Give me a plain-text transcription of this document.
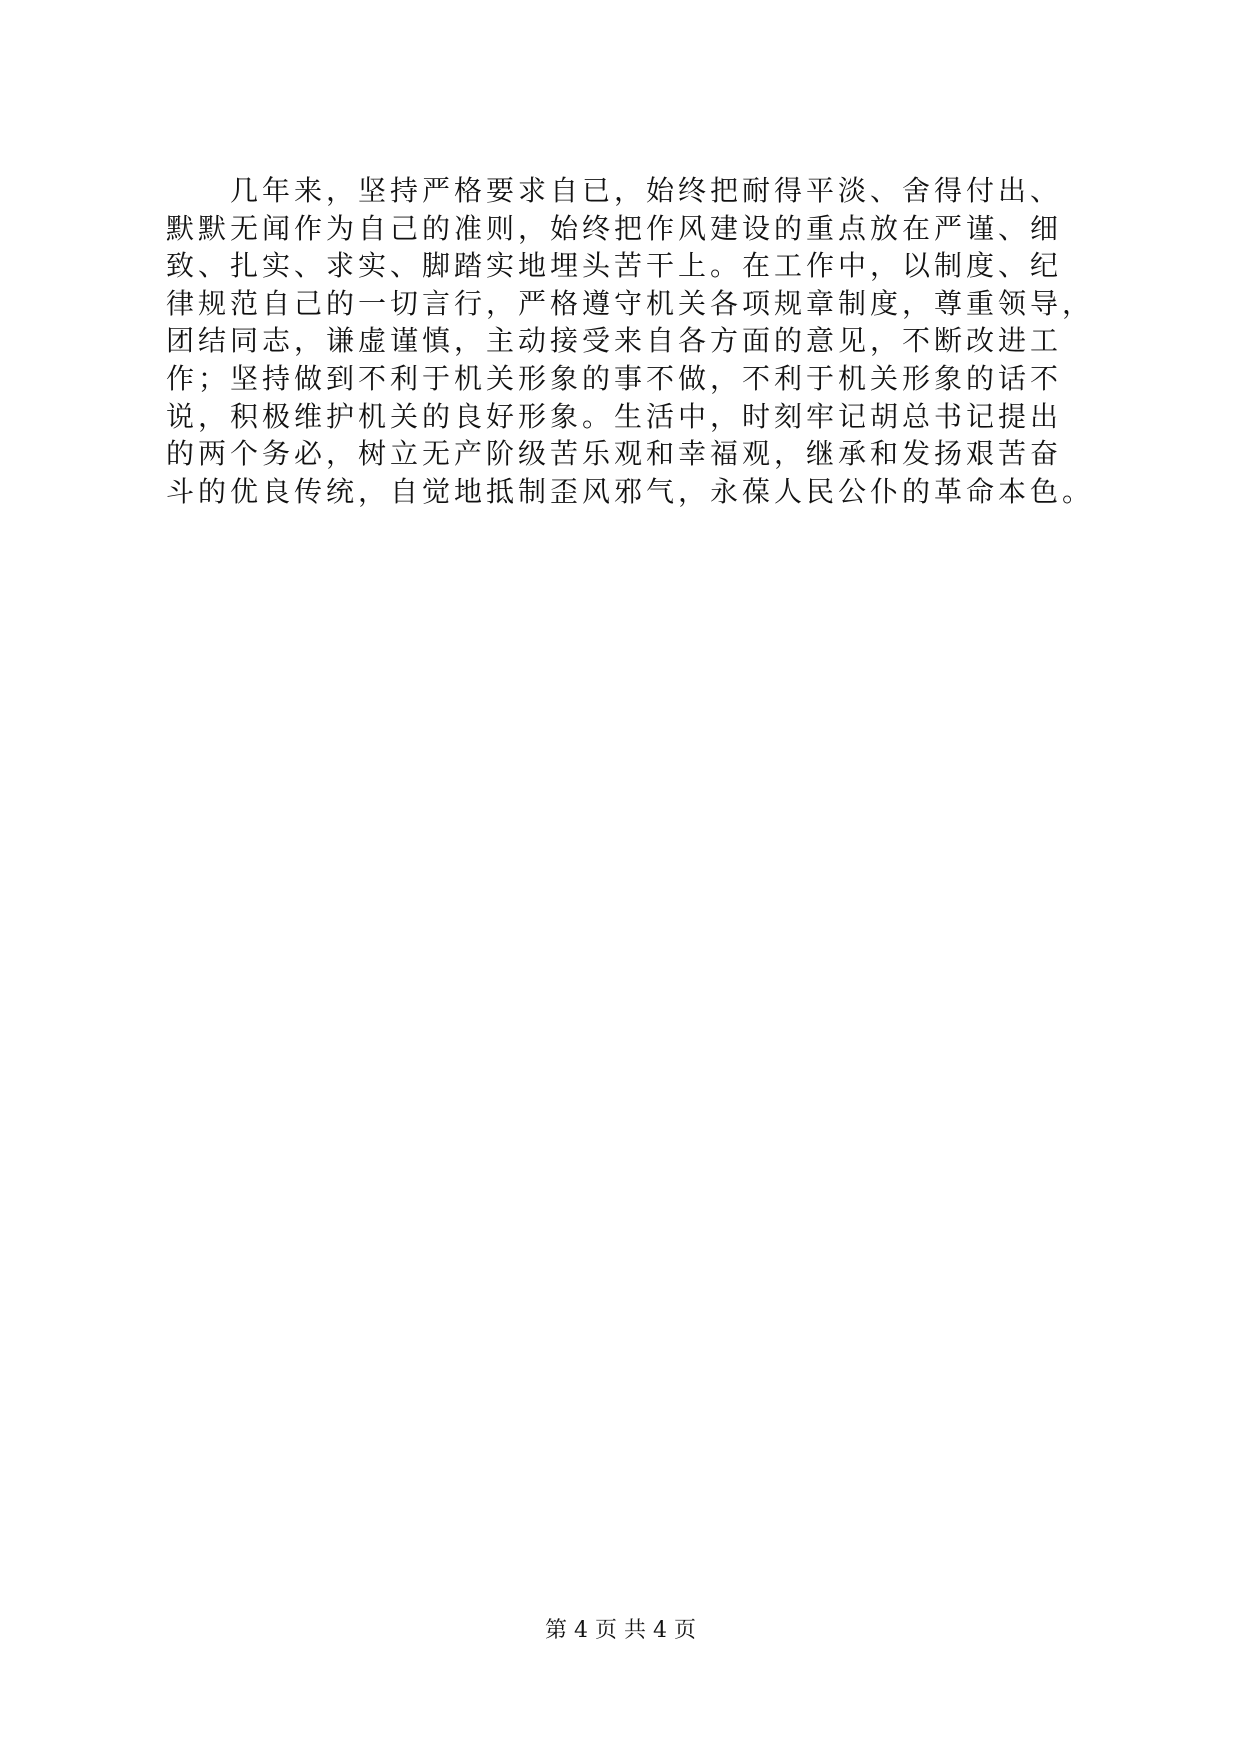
　　几年来，坚持严格要求自已，始终把耐得平淡、舍得付出、
默默无闻作为自己的准则，始终把作风建设的重点放在严谨、细
致、扎实、求实、脚踏实地埋头苦干上。在工作中，以制度、纪
律规范自己的一切言行，严格遵守机关各项规章制度，尊重领导，
团结同志，谦虚谨慎，主动接受来自各方面的意见，不断改进工
作；坚持做到不利于机关形象的事不做，不利于机关形象的话不
说，积极维护机关的良好形象。生活中，时刻牢记胡总书记提出
的两个务必，树立无产阶级苦乐观和幸福观，继承和发扬艰苦奋
斗的优良传统，自觉地抵制歪风邪气，永葆人民公仆的革命本色。
第 4 页 共 4 页
